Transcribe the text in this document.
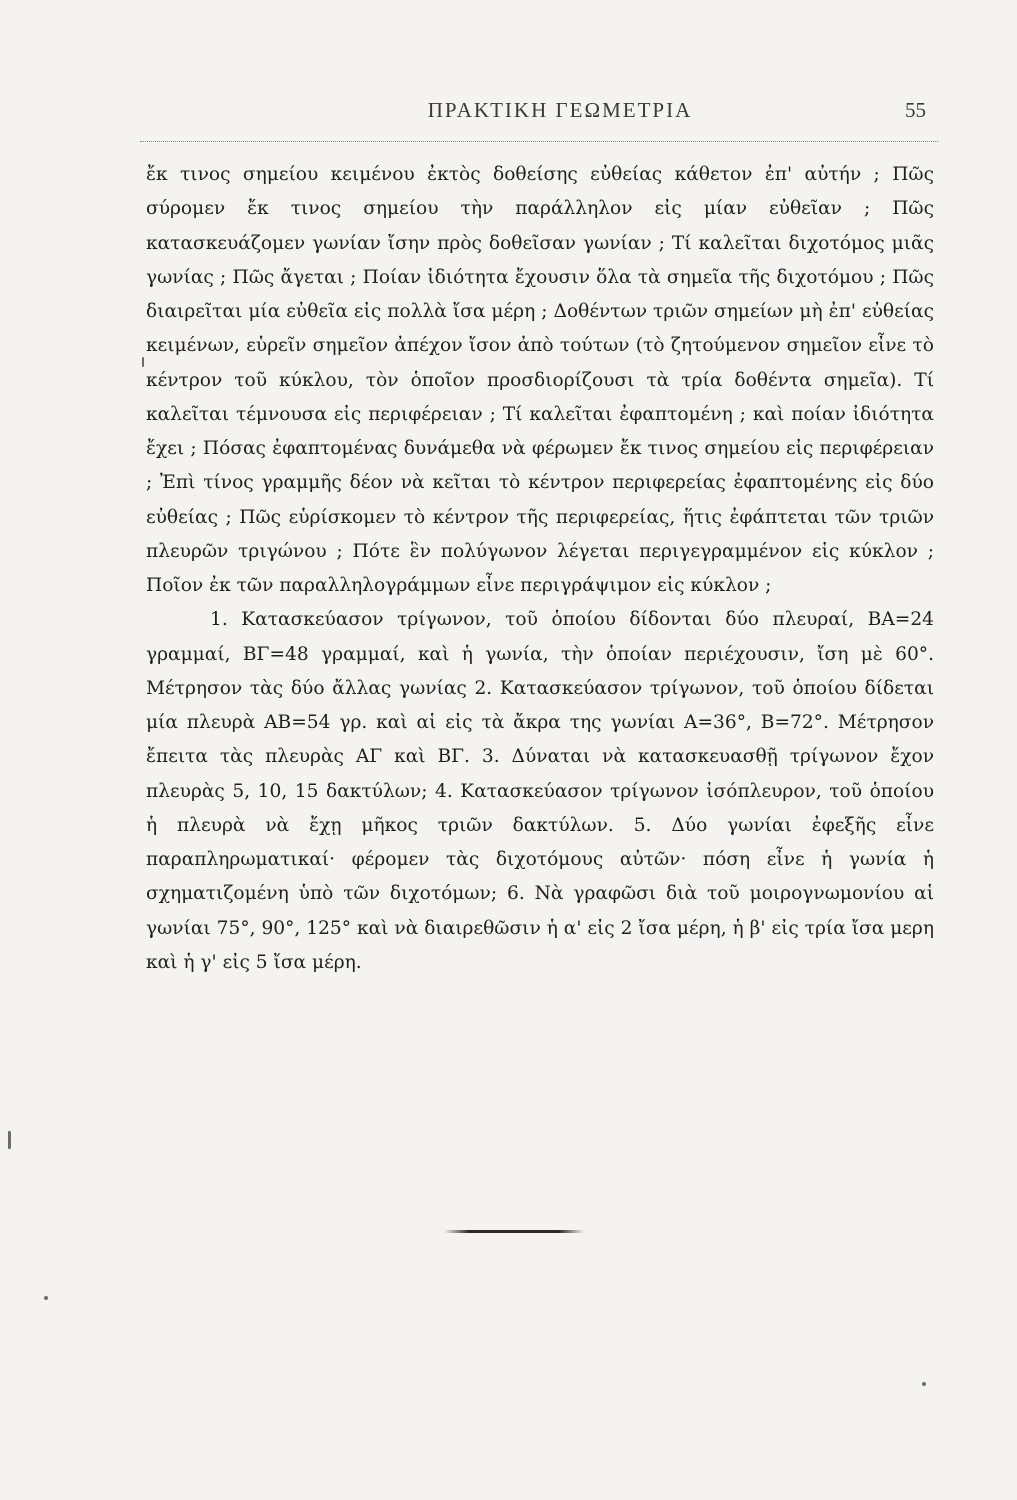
ΠΡΑΚΤΙΚΗ ΓΕΩΜΕΤΡΙΑ	55

ἔκ τινος σημείου κειμένου ἐκτὸς δοθείσης εὐθείας κάθετον ἐπ' αὐτήν ; Πῶς σύρομεν ἔκ τινος σημείου τὴν παράλληλον εἰς μίαν εὐθεῖαν ; Πῶς κατασκευάζομεν γωνίαν ἴσην πρὸς δοθεῖσαν γωνίαν ; Τί καλεῖται διχοτόμος μιᾶς γωνίας ; Πῶς ἄγεται ; Ποίαν ἰδιότητα ἔχουσιν ὅλα τὰ σημεῖα τῆς διχοτόμου ; Πῶς διαιρεῖται μία εὐθεῖα εἰς πολλὰ ἴσα μέρη ; Δοθέντων τριῶν σημείων μὴ ἐπ' εὐθείας κειμένων, εὑρεῖν σημεῖον ἀπέχον ἴσον ἀπὸ τούτων (τὸ ζητούμενον σημεῖον εἶνε τὸ κέντρον τοῦ κύκλου, τὸν ὁποῖον προσδιορίζουσι τὰ τρία δοθέντα σημεῖα). Τί καλεῖται τέμνουσα εἰς περιφέρειαν ; Τί καλεῖται ἐφαπτομένη ; καὶ ποίαν ἰδιότητα ἔχει ; Πόσας ἐφαπτομένας δυνάμεθα νὰ φέρωμεν ἔκ τινος σημείου εἰς περιφέρειαν ; Ἐπὶ τίνος γραμμῆς δέον νὰ κεῖται τὸ κέντρον περιφερείας ἐφαπτομένης εἰς δύο εὐθείας ; Πῶς εὑρίσκομεν τὸ κέντρον τῆς περιφερείας, ἥτις ἐφάπτεται τῶν τριῶν πλευρῶν τριγώνου ; Πότε ἓν πολύγωνον λέγεται περιγεγραμμένον εἰς κύκλον ; Ποῖον ἐκ τῶν παραλληλογράμμων εἶνε περιγράψιμον εἰς κύκλον ;

1. Κατασκεύασον τρίγωνον, τοῦ ὁποίου δίδονται δύο πλευραί, ΒΑ=24 γραμμαί, ΒΓ=48 γραμμαί, καὶ ἡ γωνία, τὴν ὁποίαν περιέχουσιν, ἴση μὲ 60°. Μέτρησον τὰς δύο ἄλλας γωνίας 2. Κατασκεύασον τρίγωνον, τοῦ ὁποίου δίδεται μία πλευρὰ ΑΒ=54 γρ. καὶ αἱ εἰς τὰ ἄκρα της γωνίαι Α=36°, Β=72°. Μέτρησον ἔπειτα τὰς πλευρὰς ΑΓ καὶ ΒΓ. 3. Δύναται νὰ κατασκευασθῇ τρίγωνον ἔχον πλευρὰς 5, 10, 15 δακτύλων; 4. Κατασκεύασον τρίγωνον ἰσόπλευρον, τοῦ ὁποίου ἡ πλευρὰ νὰ ἔχῃ μῆκος τριῶν δακτύλων. 5. Δύο γωνίαι ἐφεξῆς εἶνε παραπληρωματικαί· φέρομεν τὰς διχοτόμους αὐτῶν· πόση εἶνε ἡ γωνία ἡ σχηματιζομένη ὑπὸ τῶν διχοτόμων; 6. Νὰ γραφῶσι διὰ τοῦ μοιρογνωμονίου αἱ γωνίαι 75°, 90°, 125° καὶ νὰ διαιρεθῶσιν ἡ α' εἰς 2 ἴσα μέρη, ἡ β' εἰς τρία ἴσα μερη καὶ ἡ γ' εἰς 5 ἴσα μέρη.
